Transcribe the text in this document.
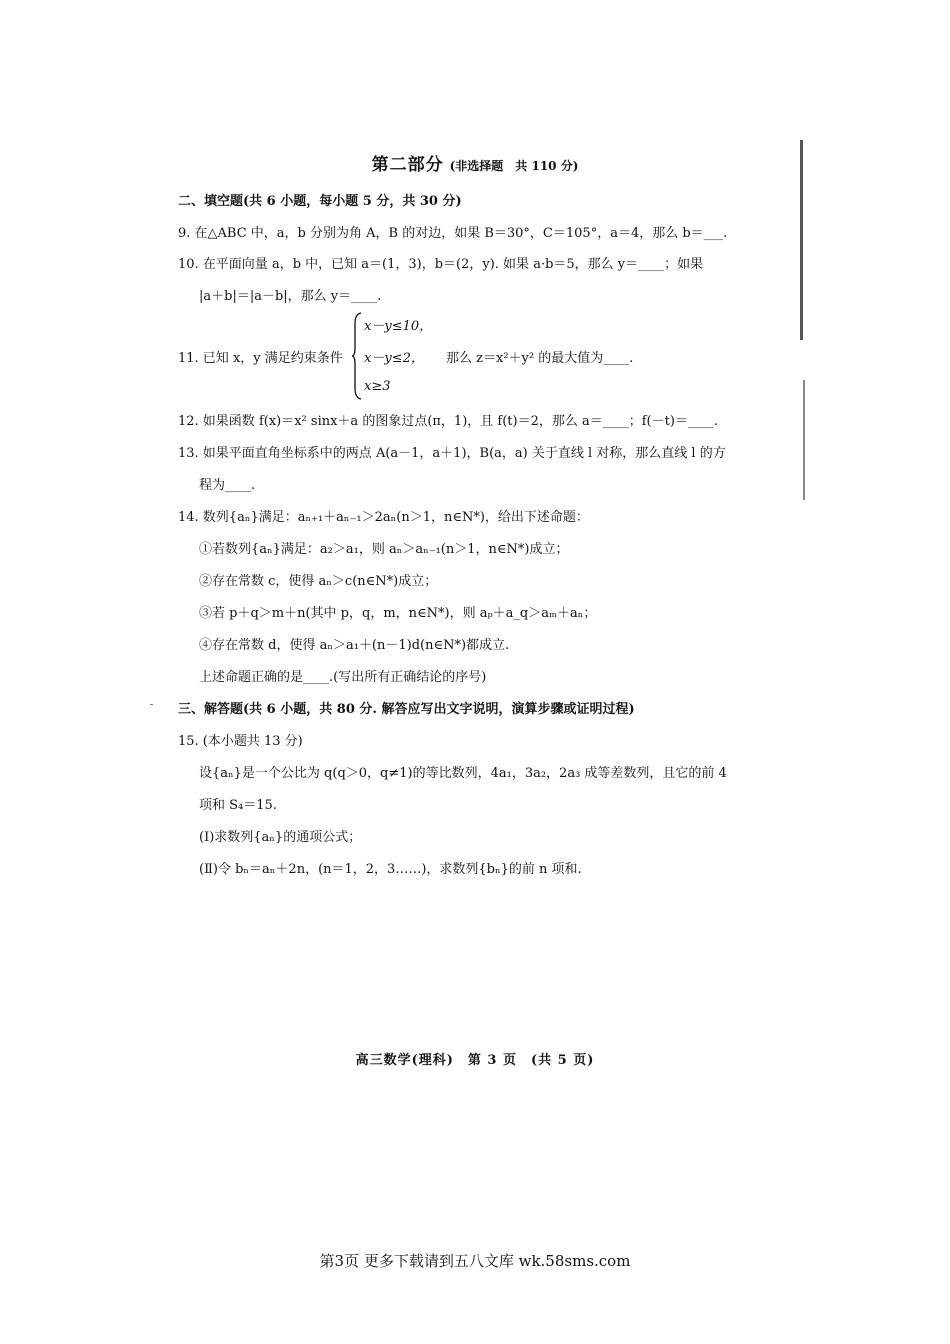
第二部分 (非选择题　共 110 分)
二、填空题(共 6 小题，每小题 5 分，共 30 分)
9. 在△ABC 中，a，b 分别为角 A，B 的对边，如果 B＝30°，C＝105°，a＝4，那么 b＝___.
10. 在平面向量 a，b 中，已知 a＝(1，3)，b＝(2，y). 如果 a·b＝5，那么 y＝____；如果
|a＋b|＝|a－b|，那么 y＝____.
11. 已知 x，y 满足约束条件
x－y≤10，
x－y≤2，
x≥3
那么 z＝x²＋y² 的最大值为____.
12. 如果函数 f(x)＝x² sinx＋a 的图象过点(π，1)，且 f(t)＝2，那么 a＝____；f(－t)＝____.
13. 如果平面直角坐标系中的两点 A(a－1，a＋1)，B(a，a) 关于直线 l 对称，那么直线 l 的方
程为____.
14. 数列{aₙ}满足：aₙ₊₁＋aₙ₋₁＞2aₙ(n＞1，n∈N*)，给出下述命题：
①若数列{aₙ}满足：a₂＞a₁，则 aₙ＞aₙ₋₁(n＞1，n∈N*)成立；
②存在常数 c，使得 aₙ＞c(n∈N*)成立；
③若 p＋q＞m＋n(其中 p，q，m，n∈N*)，则 aₚ＋a_q＞aₘ＋aₙ；
④存在常数 d，使得 aₙ＞a₁＋(n－1)d(n∈N*)都成立.
上述命题正确的是____.(写出所有正确结论的序号)
三、解答题(共 6 小题，共 80 分. 解答应写出文字说明，演算步骤或证明过程)
15. (本小题共 13 分)
设{aₙ}是一个公比为 q(q＞0，q≠1)的等比数列，4a₁，3a₂，2a₃ 成等差数列，且它的前 4
项和 S₄＝15.
(Ⅰ)求数列{aₙ}的通项公式；
(Ⅱ)令 bₙ＝aₙ＋2n，(n＝1，2，3……)，求数列{bₙ}的前 n 项和.
高三数学(理科)　第 3 页　(共 5 页)
第3页 更多下载请到五八文库 wk.58sms.com
